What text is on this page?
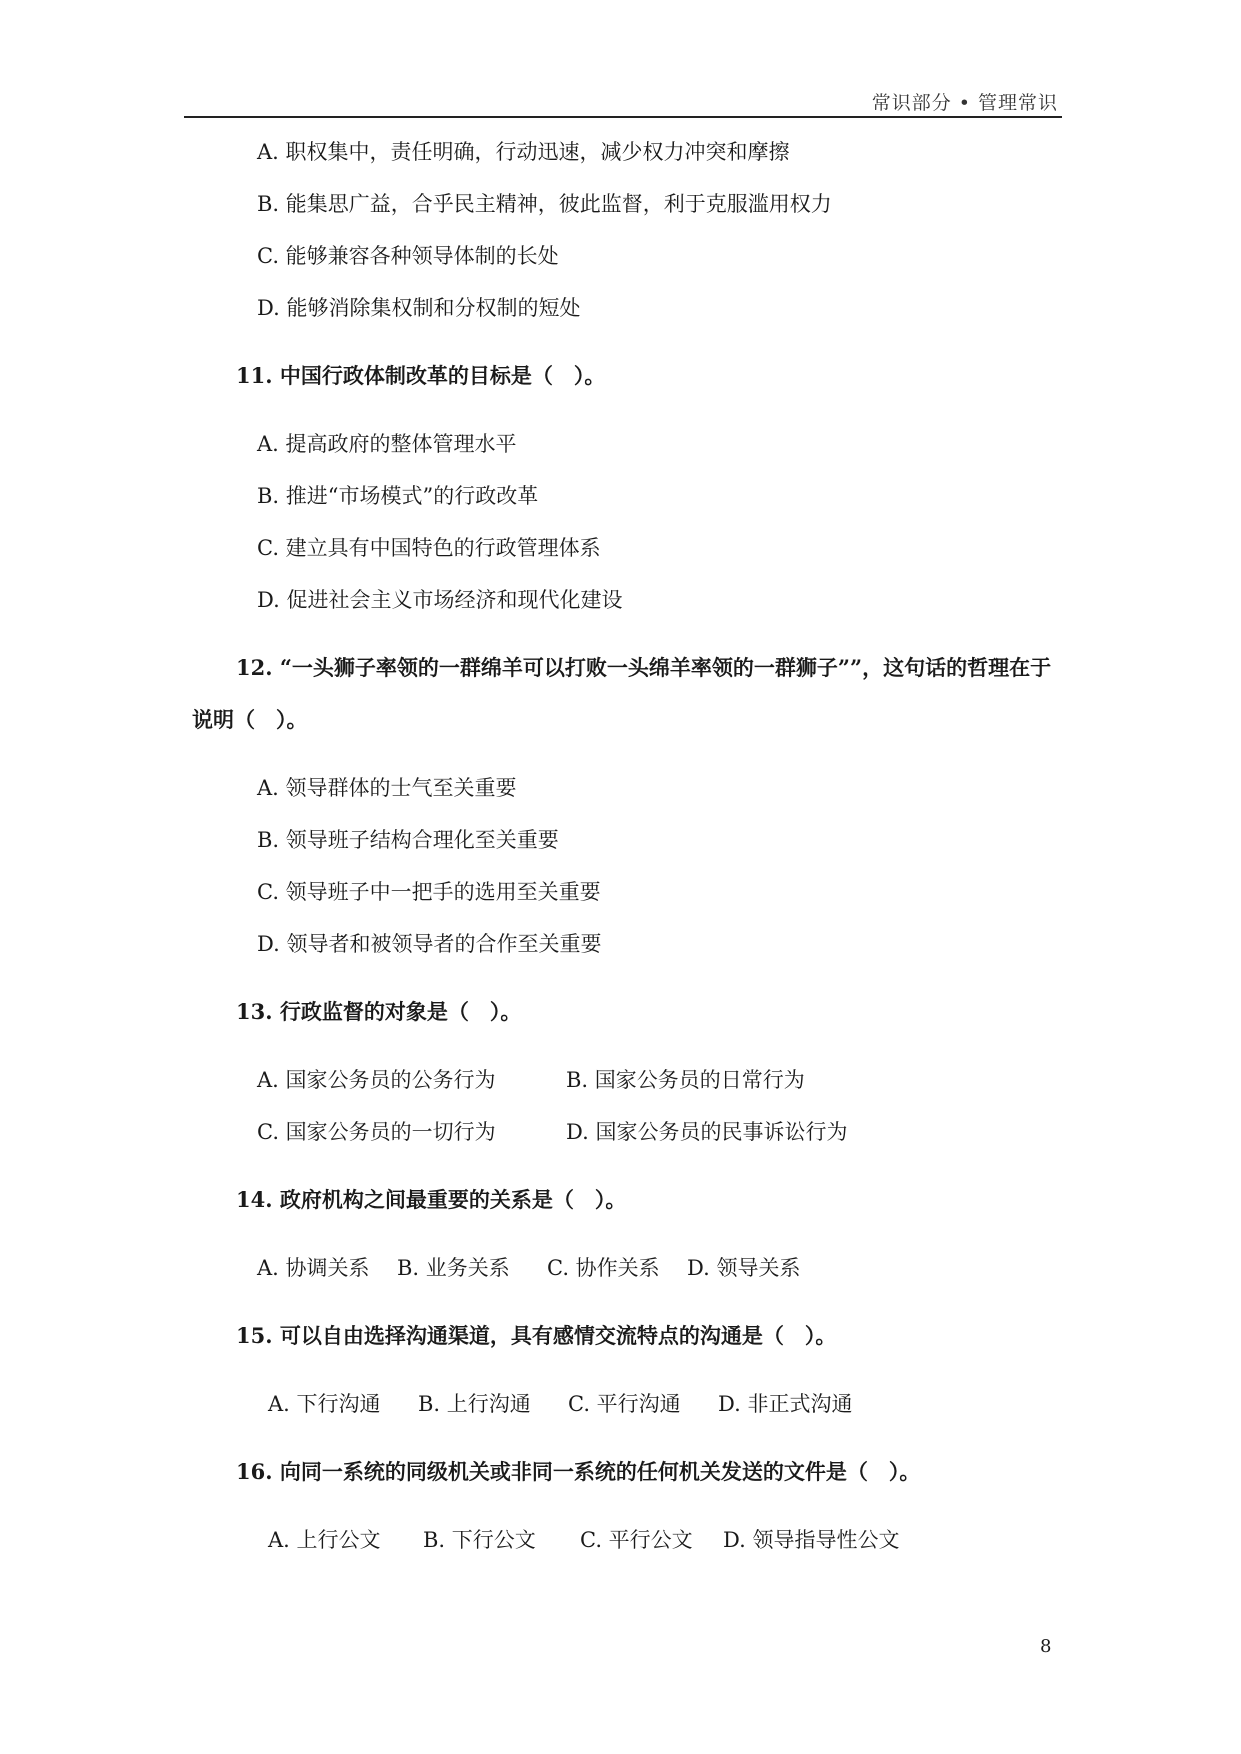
常识部分 • 管理常识
A. 职权集中，责任明确，行动迅速，减少权力冲突和摩擦
B. 能集思广益，合乎民主精神，彼此监督，利于克服滥用权力
C. 能够兼容各种领导体制的长处
D. 能够消除集权制和分权制的短处
11. 中国行政体制改革的目标是（　）。
A. 提高政府的整体管理水平
B. 推进“市场模式”的行政改革
C. 建立具有中国特色的行政管理体系
D. 促进社会主义市场经济和现代化建设
12. “一头狮子率领的一群绵羊可以打败一头绵羊率领的一群狮子””，这句话的哲理在于
说明（　）。
A. 领导群体的士气至关重要
B. 领导班子结构合理化至关重要
C. 领导班子中一把手的选用至关重要
D. 领导者和被领导者的合作至关重要
13. 行政监督的对象是（　）。
A. 国家公务员的公务行为	B. 国家公务员的日常行为
C. 国家公务员的一切行为	D. 国家公务员的民事诉讼行为
14. 政府机构之间最重要的关系是（　）。
A. 协调关系 B. 业务关系 C. 协作关系 D. 领导关系
15. 可以自由选择沟通渠道，具有感情交流特点的沟通是（　）。
A. 下行沟通 B. 上行沟通 C. 平行沟通 D. 非正式沟通
16. 向同一系统的同级机关或非同一系统的任何机关发送的文件是（　）。
A. 上行公文 B. 下行公文 C. 平行公文 D. 领导指导性公文
8
